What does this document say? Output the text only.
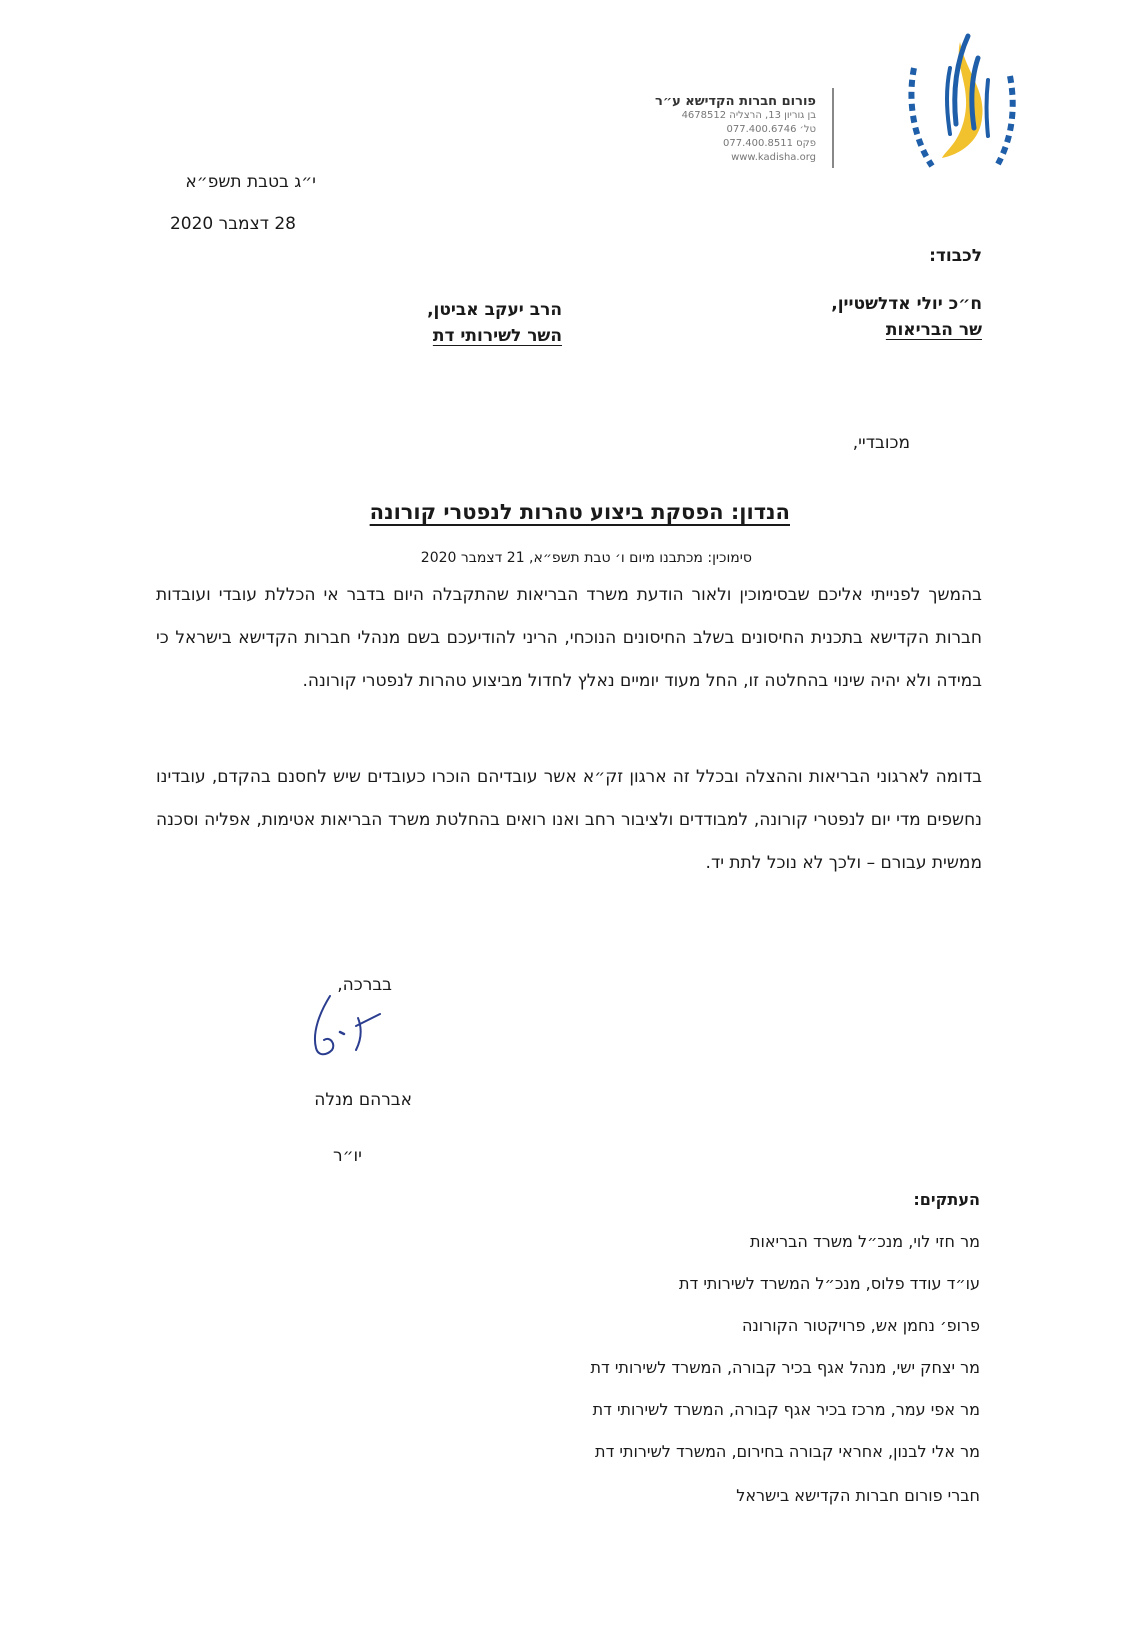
פורום חברות הקדישא ע״ר
בן גוריון 13, הרצליה 4678512
טל׳ 077.400.6746
פקס 077.400.8511
www.kadisha.org
י״ג בטבת תשפ״א
28 דצמבר 2020
לכבוד:
ח״כ יולי אדלשטיין,
שר הבריאות
הרב יעקב אביטן,
השר לשירותי דת
מכובדיי,
הנדון: הפסקת ביצוע טהרות לנפטרי קורונה
סימוכין: מכתבנו מיום ו׳ טבת תשפ״א, 21 דצמבר 2020
בהמשך לפנייתי אליכם שבסימוכין ולאור הודעת משרד הבריאות שהתקבלה היום בדבר אי הכללת עובדי ועובדות חברות הקדישא בתכנית החיסונים בשלב החיסונים הנוכחי, הריני להודיעכם בשם מנהלי חברות הקדישא בישראל כי במידה ולא יהיה שינוי בהחלטה זו, החל מעוד יומיים נאלץ לחדול מביצוע טהרות לנפטרי קורונה.
בדומה לארגוני הבריאות וההצלה ובכלל זה ארגון זק״א אשר עובדיהם הוכרו כעובדים שיש לחסנם בהקדם, עובדינו נחשפים מדי יום לנפטרי קורונה, למבודדים ולציבור רחב ואנו רואים בהחלטת משרד הבריאות אטימות, אפליה וסכנה ממשית עבורם – ולכך לא נוכל לתת יד.
בברכה,
אברהם מנלה
יו״ר
העתקים:
מר חזי לוי, מנכ״ל משרד הבריאות
עו״ד עודד פלוס, מנכ״ל המשרד לשירותי דת
פרופ׳ נחמן אש, פרויקטור הקורונה
מר יצחק ישי, מנהל אגף בכיר קבורה, המשרד לשירותי דת
מר אפי עמר, מרכז בכיר אגף קבורה, המשרד לשירותי דת
מר אלי לבנון, אחראי קבורה בחירום, המשרד לשירותי דת
חברי פורום חברות הקדישא בישראל
